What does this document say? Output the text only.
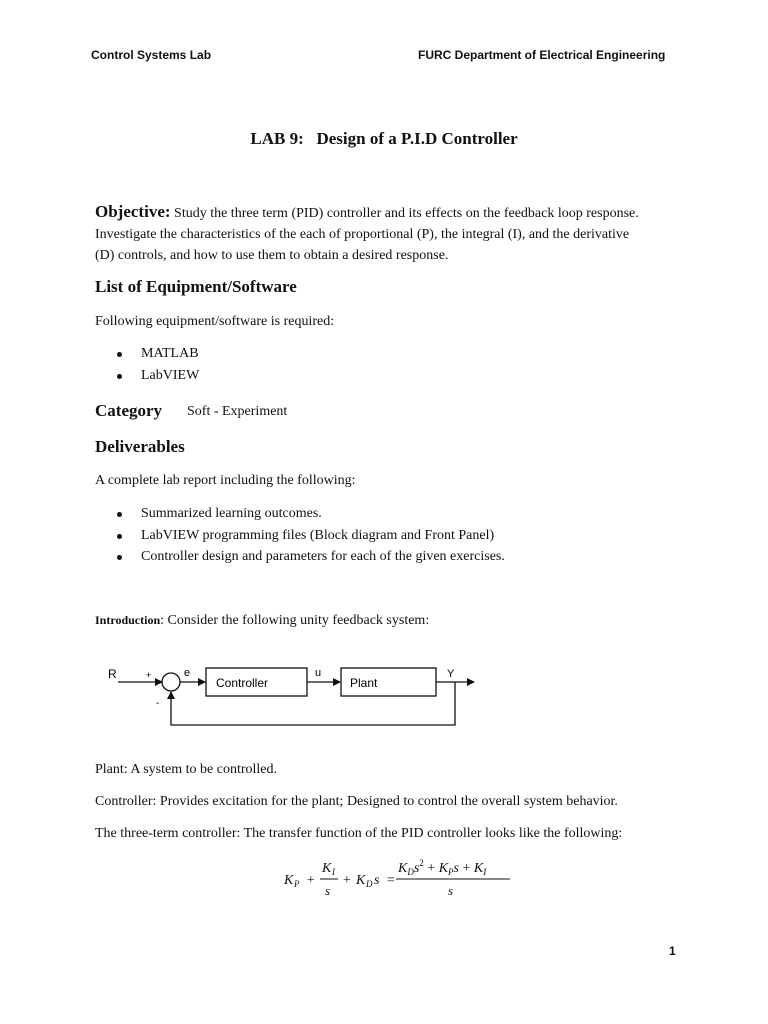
Control Systems Lab	FURC Department of Electrical Engineering
LAB 9:   Design of a P.I.D Controller
Objective: Study the three term (PID) controller and its effects on the feedback loop response.
Investigate the characteristics of the each of proportional (P), the integral (I), and the derivative
(D) controls, and how to use them to obtain a desired response.
List of Equipment/Software
Following equipment/software is required:
MATLAB
LabVIEW
Category Soft - Experiment
Deliverables
A complete lab report including the following:
Summarized learning outcomes.
LabVIEW programming files (Block diagram and Front Panel)
Controller design and parameters for each of the given exercises.
Introduction: Consider the following unity feedback system:
R	+
-
e
Controller
u
Plant
Y
Plant: A system to be controlled.
Controller: Provides excitation for the plant; Designed to control the overall system behavior.
The three-term controller: The transfer function of the PID controller looks like the following:
K P +
K I
s
+ K D s =
$K_Ds^2 + K_Ps + K_I$
s
1
